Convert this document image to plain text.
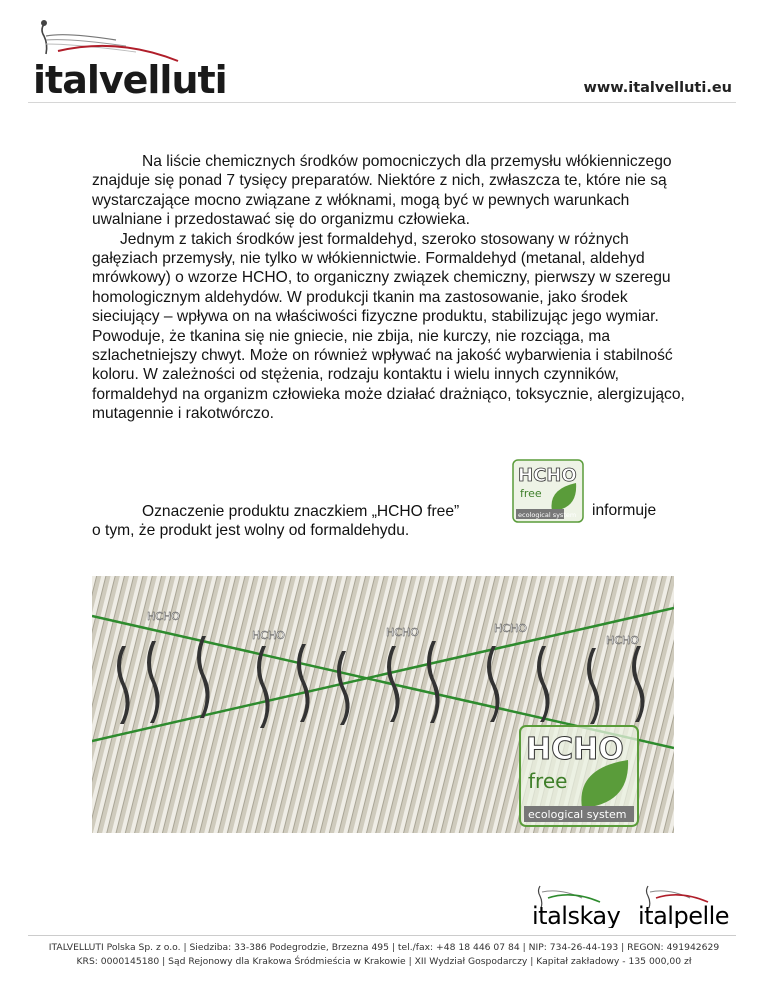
italvelluti	www.italvelluti.eu

Na liście chemicznych środków pomocniczych dla przemysłu włókienniczego znajduje się ponad 7 tysięcy preparatów. Niektóre z nich, zwłaszcza te, które nie są wystarczające mocno związane z włóknami, mogą być w pewnych warunkach uwalniane i przedostawać się do organizmu człowieka.

Jednym z takich środków jest formaldehyd, szeroko stosowany w różnych gałęziach przemysły, nie tylko w włókiennictwie. Formaldehyd (metanal, aldehyd mrówkowy) o wzorze HCHO, to organiczny związek chemiczny, pierwszy w szeregu homologicznym aldehydów. W produkcji tkanin ma zastosowanie, jako środek sieciujący – wpływa on na właściwości fizyczne produktu, stabilizując jego wymiar. Powoduje, że tkanina się nie gniecie, nie zbija, nie kurczy, nie rozciąga, ma szlachetniejszy chwyt. Może on również wpływać na jakość wybarwienia i stabilność koloru. W zależności od stężenia, rodzaju kontaktu i wielu innych czynników, formaldehyd na organizm człowieka może działać drażniąco, toksycznie, alergizująco, mutagennie i rakotwórczo.

Oznaczenie produktu znaczkiem „HCHO free”
o tym, że produkt jest wolny od formaldehydu.
informuje
HCHO
free
ecological system
HCHO
HCHO	HCHO	HCHO
HCHO
HCHO
free
ecological system
italskay italpelle
ITALVELLUTI Polska Sp. z o.o. | Siedziba: 33-386 Podegrodzie, Brzezna 495 | tel./fax: +48 18 446 07 84 | NIP: 734-26-44-193 | REGON: 491942629
KRS: 0000145180 | Sąd Rejonowy dla Krakowa Śródmieścia w Krakowie | XII Wydział Gospodarczy | Kapitał zakładowy - 135 000,00 zł
